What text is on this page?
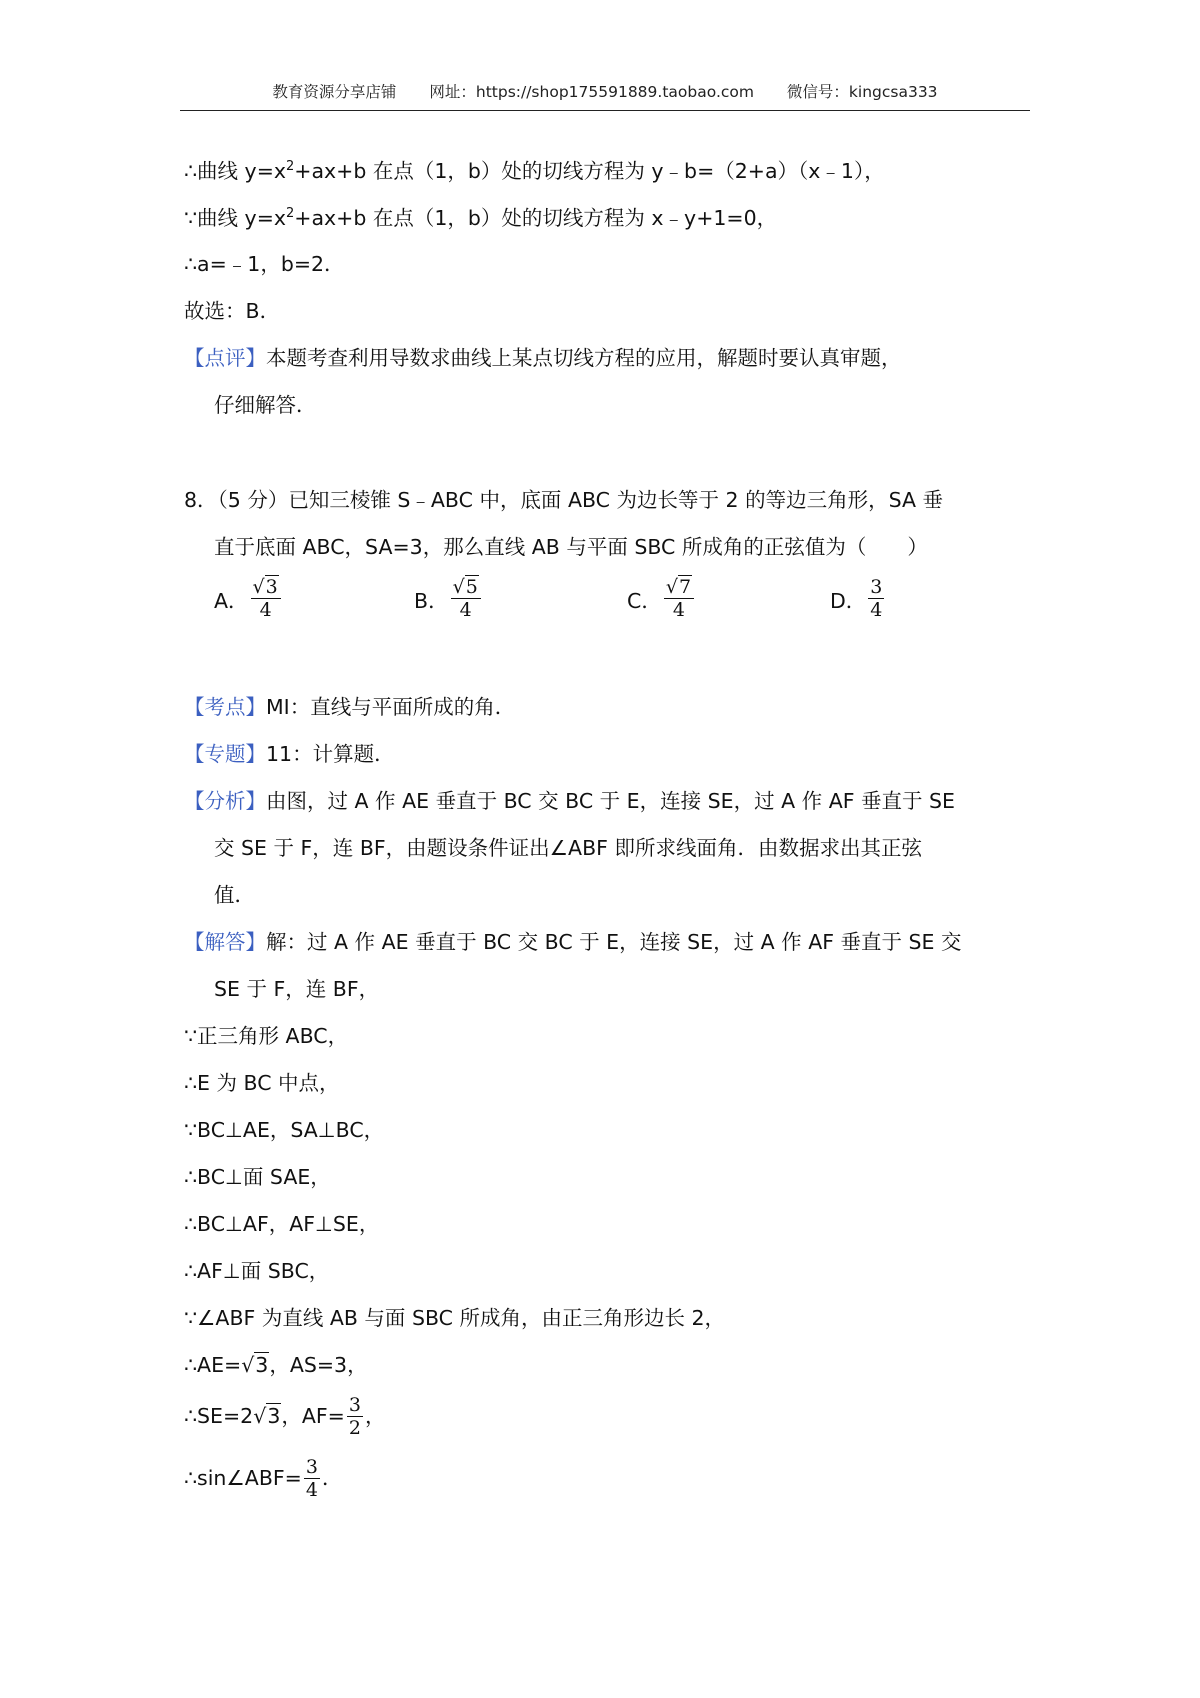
教育资源分享店铺 网址：https://shop175591889.taobao.com 微信号：kingcsa333
∴曲线 $y=x^2+ax+b$ 在点（1，b）处的切线方程为 y﹣b=（2+a）（x﹣1），
∵曲线 $y=x^2+ax+b$ 在点（1，b）处的切线方程为 x﹣y+1=0，
∴a=﹣1，b=2．
故选：B．
【点评】本题考查利用导数求曲线上某点切线方程的应用，解题时要认真审题，
仔细解答．
8．（5 分）已知三棱锥 S﹣ABC 中，底面 ABC 为边长等于 2 的等边三角形，SA 垂
直于底面 ABC，SA=3，那么直线 AB 与平面 SBC 所成角的正弦值为（　　）
A． $\frac{√3}{4}$	B． $\frac{√5}{4}$	C． $\frac{√7}{4}$	D． $\frac{3}{4}$
【考点】MI：直线与平面所成的角．
【专题】11：计算题．
【分析】由图，过 A 作 AE 垂直于 BC 交 BC 于 E，连接 SE，过 A 作 AF 垂直于 SE
交 SE 于 F，连 BF，由题设条件证出∠ABF 即所求线面角．由数据求出其正弦
值．
【解答】解：过 A 作 AE 垂直于 BC 交 BC 于 E，连接 SE，过 A 作 AF 垂直于 SE 交
SE 于 F，连 BF，
∵正三角形 ABC，
∴E 为 BC 中点，
∵BC⊥AE，SA⊥BC，
∴BC⊥面 SAE，
∴BC⊥AF，AF⊥SE，
∴AF⊥面 SBC，
∵∠ABF 为直线 AB 与面 SBC 所成角，由正三角形边长 2，
∴AE=√3，AS=3，
∴SE=2√3，$AF= \frac{3}{2}$ ，
∴sin∠ABF= $\frac{3}{4}$ ．
